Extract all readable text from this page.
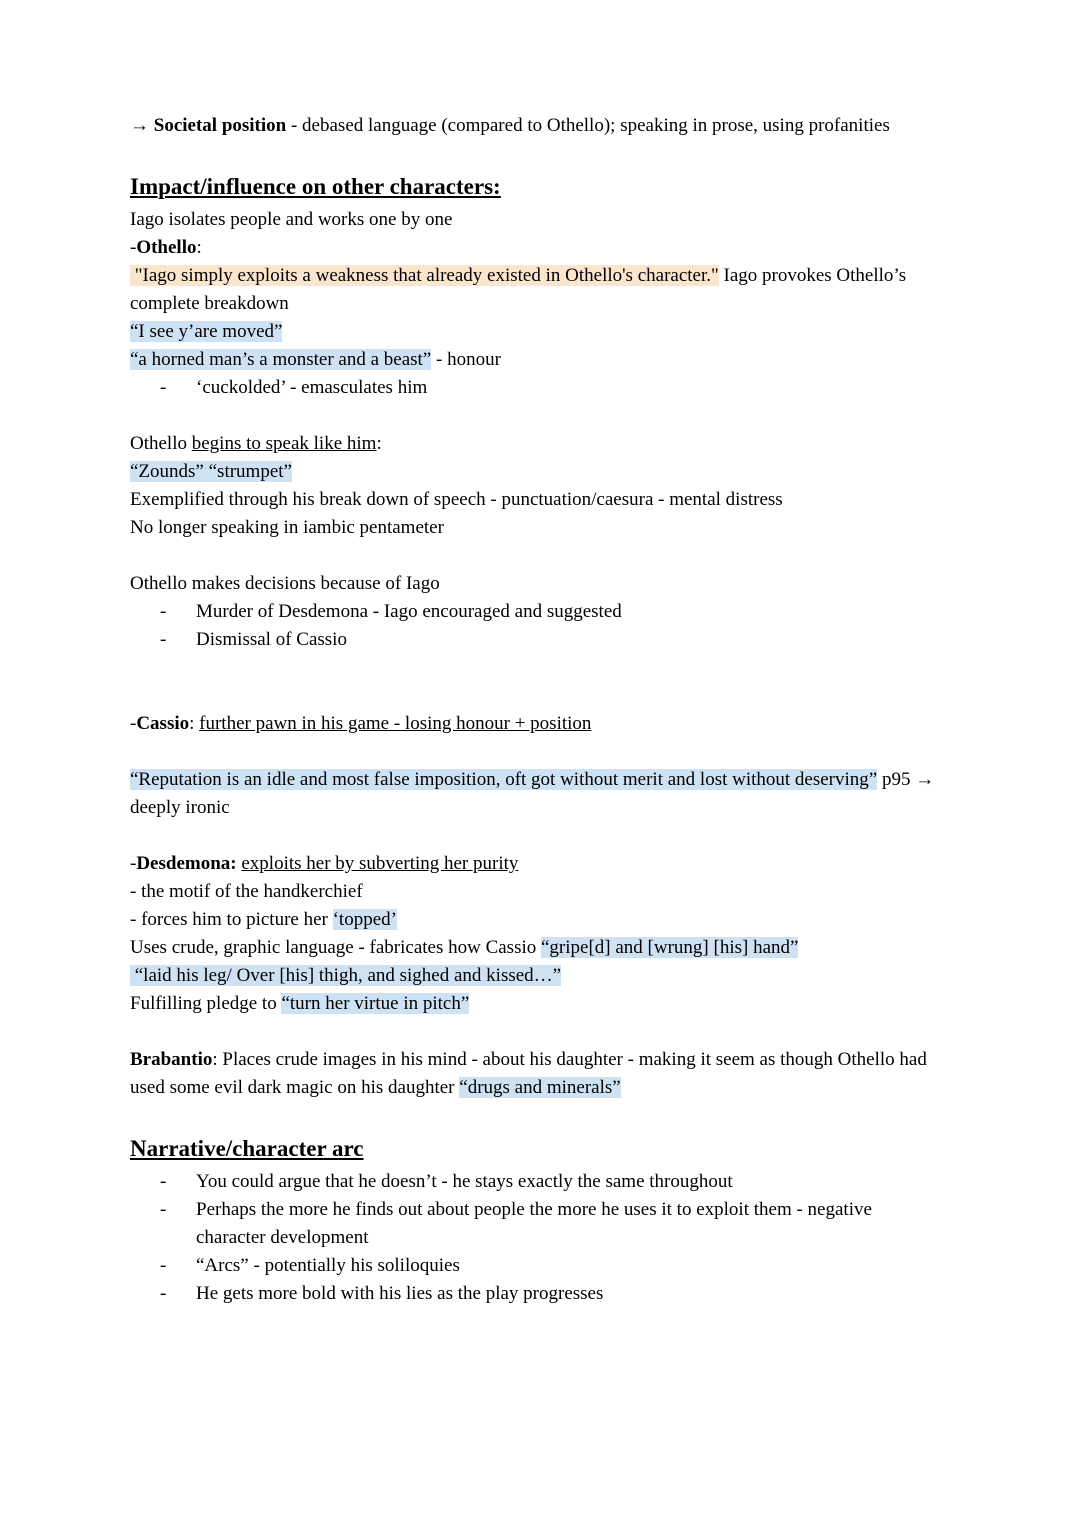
→ Societal position - debased language (compared to Othello); speaking in prose, using profanities
Impact/influence on other characters:
Iago isolates people and works one by one
-Othello:
"Iago simply exploits a weakness that already existed in Othello's character." Iago provokes Othello’s complete breakdown
“I see y’are moved”
“a horned man’s a monster and a beast” - honour
-	‘cuckolded’ - emasculates him
Othello begins to speak like him:
“Zounds” “strumpet”
Exemplified through his break down of speech - punctuation/caesura - mental distress
No longer speaking in iambic pentameter
Othello makes decisions because of Iago
-	Murder of Desdemona - Iago encouraged and suggested
-	Dismissal of Cassio
-Cassio: further pawn in his game - losing honour + position
“Reputation is an idle and most false imposition, oft got without merit and lost without deserving” p95 → deeply ironic
-Desdemona: exploits her by subverting her purity
- the motif of the handkerchief
- forces him to picture her ‘topped’
Uses crude, graphic language - fabricates how Cassio “gripe[d] and [wrung] [his] hand”
“laid his leg/ Over [his] thigh, and sighed and kissed…”
Fulfilling pledge to “turn her virtue in pitch”
Brabantio: Places crude images in his mind - about his daughter - making it seem as though Othello had used some evil dark magic on his daughter “drugs and minerals”
Narrative/character arc
-	You could argue that he doesn’t - he stays exactly the same throughout
-	Perhaps the more he finds out about people the more he uses it to exploit them - negative character development
-	“Arcs” - potentially his soliloquies
-	He gets more bold with his lies as the play progresses
